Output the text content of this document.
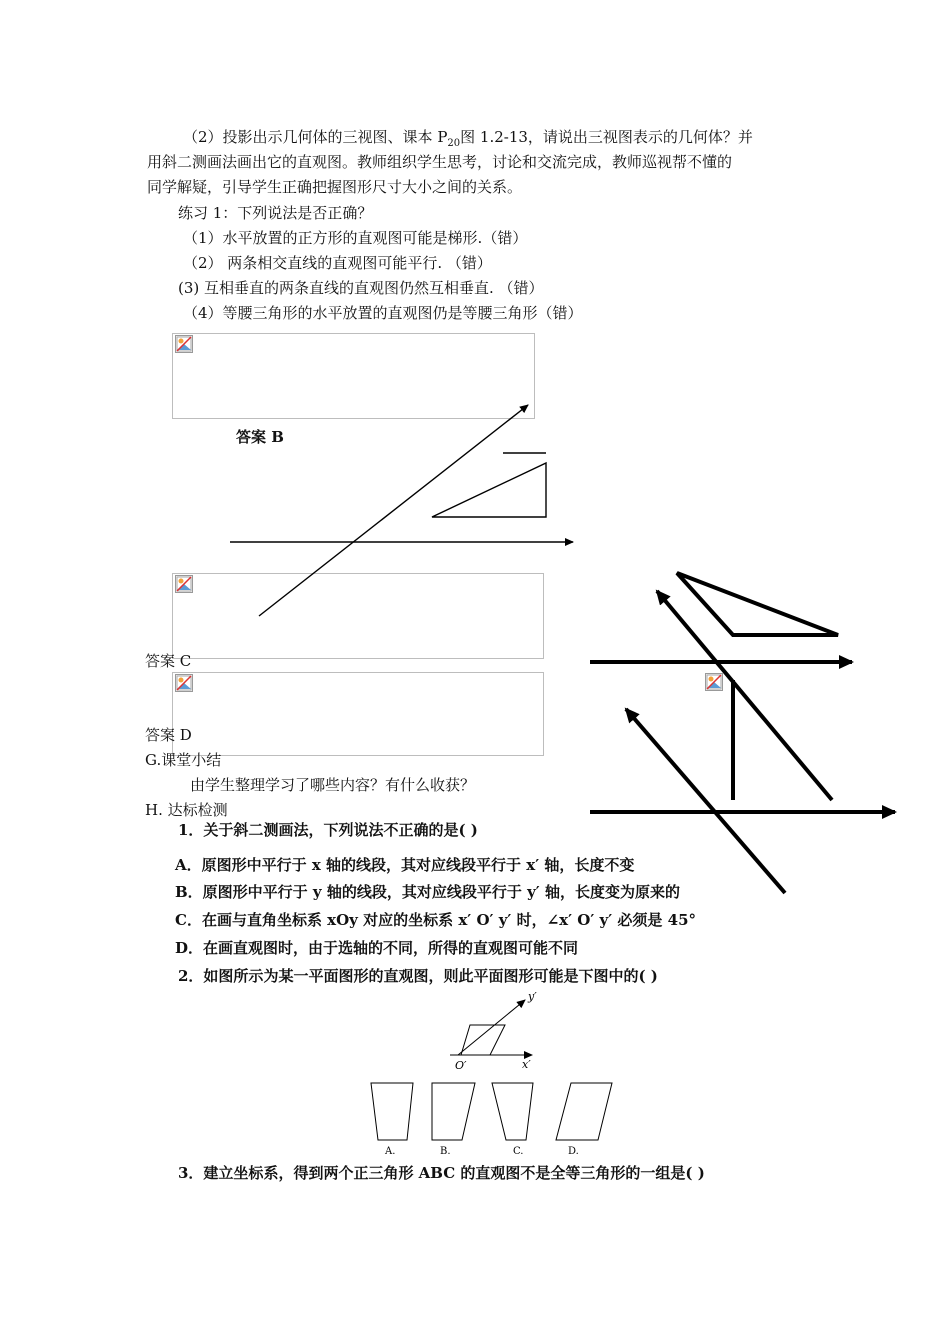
（2）投影出示几何体的三视图、课本 $P_{20}$图 1.2-13，请说出三视图表示的几何体？并
用斜二测画法画出它的直观图。教师组织学生思考，讨论和交流完成，教师巡视帮不懂的
同学解疑，引导学生正确把握图形尺寸大小之间的关系。
练习 1：下列说法是否正确？
（1）水平放置的正方形的直观图可能是梯形.（错）
（2） 两条相交直线的直观图可能平行. （错）
(3) 互相垂直的两条直线的直观图仍然互相垂直. （错）
（4）等腰三角形的水平放置的直观图仍是等腰三角形（错）
答案 B
答案 C
答案 D
G.课堂小结
由学生整理学习了哪些内容？有什么收获？
H. 达标检测
1．关于斜二测画法，下列说法不正确的是( )
A．原图形中平行于 x 轴的线段，其对应线段平行于 x′ 轴，长度不变
B．原图形中平行于 y 轴的线段，其对应线段平行于 y′ 轴，长度变为原来的
C．在画与直角坐标系 xOy 对应的坐标系 x′ O′ y′ 时，∠x′ O′ y′ 必须是 45°
D．在画直观图时，由于选轴的不同，所得的直观图可能不同
2．如图所示为某一平面图形的直观图，则此平面图形可能是下图中的( )
3．建立坐标系，得到两个正三角形 ABC 的直观图不是全等三角形的一组是( )
y′
x′
O′
A.	B.	C.	D.
